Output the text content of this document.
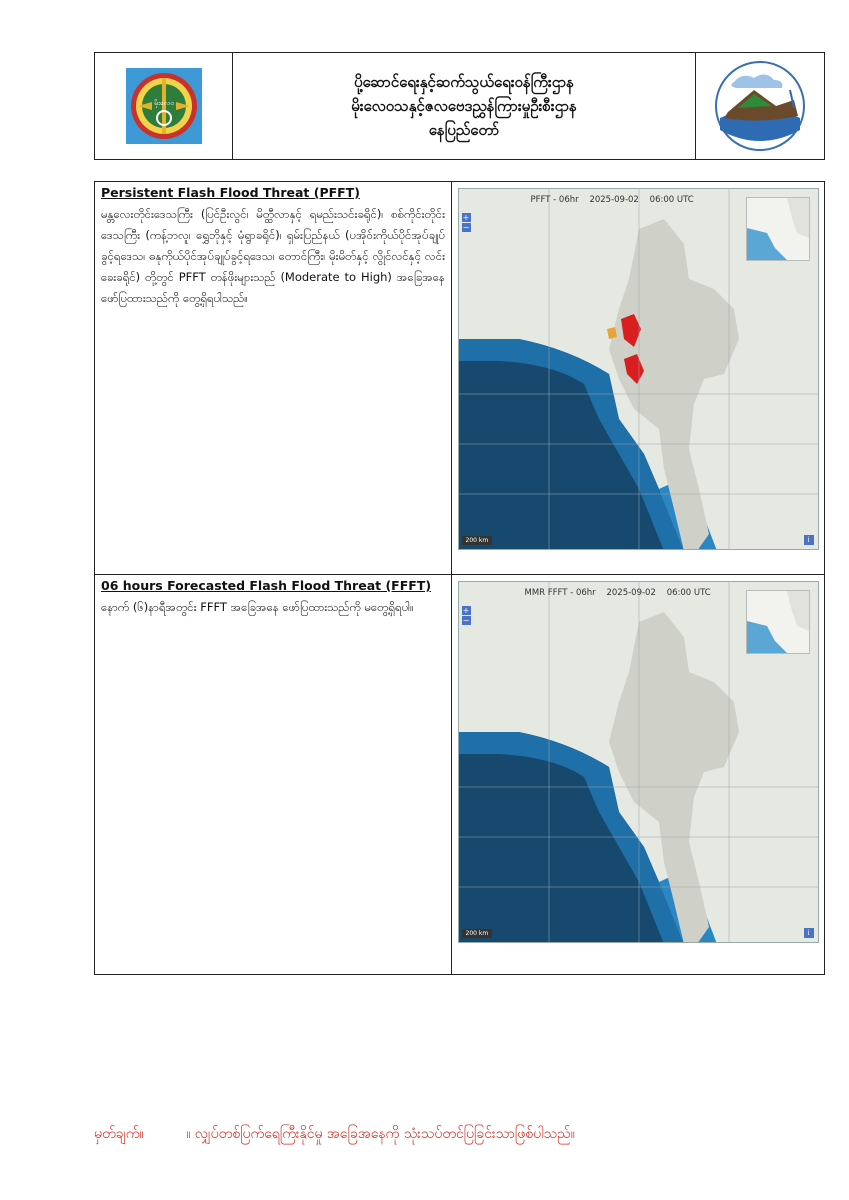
မိုးလေဝ
ပို့ဆောင်ရေးနှင့်ဆက်သွယ်ရေးဝန်ကြီးဌာန
မိုးလေဝသနှင့်ဇလဗေဒညွှန်ကြားမှုဦးစီးဌာန
နေပြည်တော်

Persistent Flash Flood Threat (PFFT)

မန္တလေးတိုင်းဒေသကြီး (ပြင်ဦးလွင်၊ မိတ္ထီလာနှင့် ရမည်းသင်းခရိုင်)၊ စစ်ကိုင်းတိုင်းဒေသကြီး (ကန့်ဘလူ၊ ရွှေဘိုနှင့် မုံရွာခရိုင်)၊ ရှမ်းပြည်နယ် (ပအိုဝ်းကိုယ်ပိုင်အုပ်ချုပ်ခွင့်ရဒေသ၊ ဓနုကိုယ်ပိုင်အုပ်ချုပ်ခွင့်ရဒေသ၊ တောင်ကြီး၊ မိုးမိတ်နှင့် လွိုင်လင်နှင့် လင်းခေးခရိုင်) တို့တွင် PFFT တန်ဖိုးများသည် (Moderate to High) အခြေအနေ ဖော်ပြထားသည်ကို တွေ့ရှိရပါသည်။

PFFT - 06hr 2025-09-02 06:00 UTC
+
−
200 km	i

06 hours Forecasted Flash Flood Threat (FFFT)

နောက် (၆)နာရီအတွင်း FFFT အခြေအနေ ဖော်ပြထားသည်ကို မတွေ့ရှိရပါ။

MMR FFFT - 06hr 2025-09-02 06:00 UTC
+
−
200 km	i
မှတ်ချက်။	။ လျှပ်တစ်ပြက်ရေကြီးနိုင်မှု အခြေအနေကို သုံးသပ်တင်ပြခြင်းသာဖြစ်ပါသည်။
